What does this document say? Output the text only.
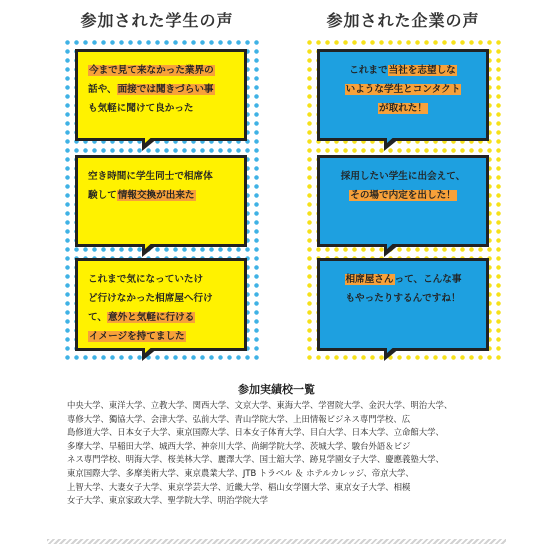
参加された学生の声	参加された企業の声
今まで見て来なかった業界の
話や、面接では聞きづらい事
も気軽に聞けて良かった
空き時間に学生同士で相席体
験して情報交換が出来た
これまで気になっていたけ
ど行けなかった相席屋へ行け
て、意外と気軽に行ける
イメージを持てました
これまで当社を志望しな
いような学生とコンタクト
が取れた！
採用したい学生に出会えて、
その場で内定を出した！
相席屋さんって、こんな事
もやったりするんですね！
参加実績校一覧
中央大学、東洋大学、立教大学、関西大学、文京大学、東海大学、学習院大学、金沢大学、明治大学、
専修大学、獨協大学、会津大学、弘前大学、青山学院大学、上田情報ビジネス専門学校、広
島修道大学、日本女子大学、東京国際大学、日本女子体育大学、目白大学、日本大学、立命館大学、
多摩大学、早稲田大学、城西大学、神奈川大学、尚絅学院大学、茨城大学、駿台外語＆ビジ
ネス専門学校、明海大学、桜美林大学、麗澤大学、国士舘大学、跡見学園女子大学、慶應義塾大学、
東京国際大学、多摩美術大学、東京農業大学、JTB トラベル ＆ ホテルカレッジ、帝京大学、
上智大学、大妻女子大学、東京学芸大学、近畿大学、椙山女学園大学、東京女子大学、相模
女子大学、東京家政大学、聖学院大学、明治学院大学
